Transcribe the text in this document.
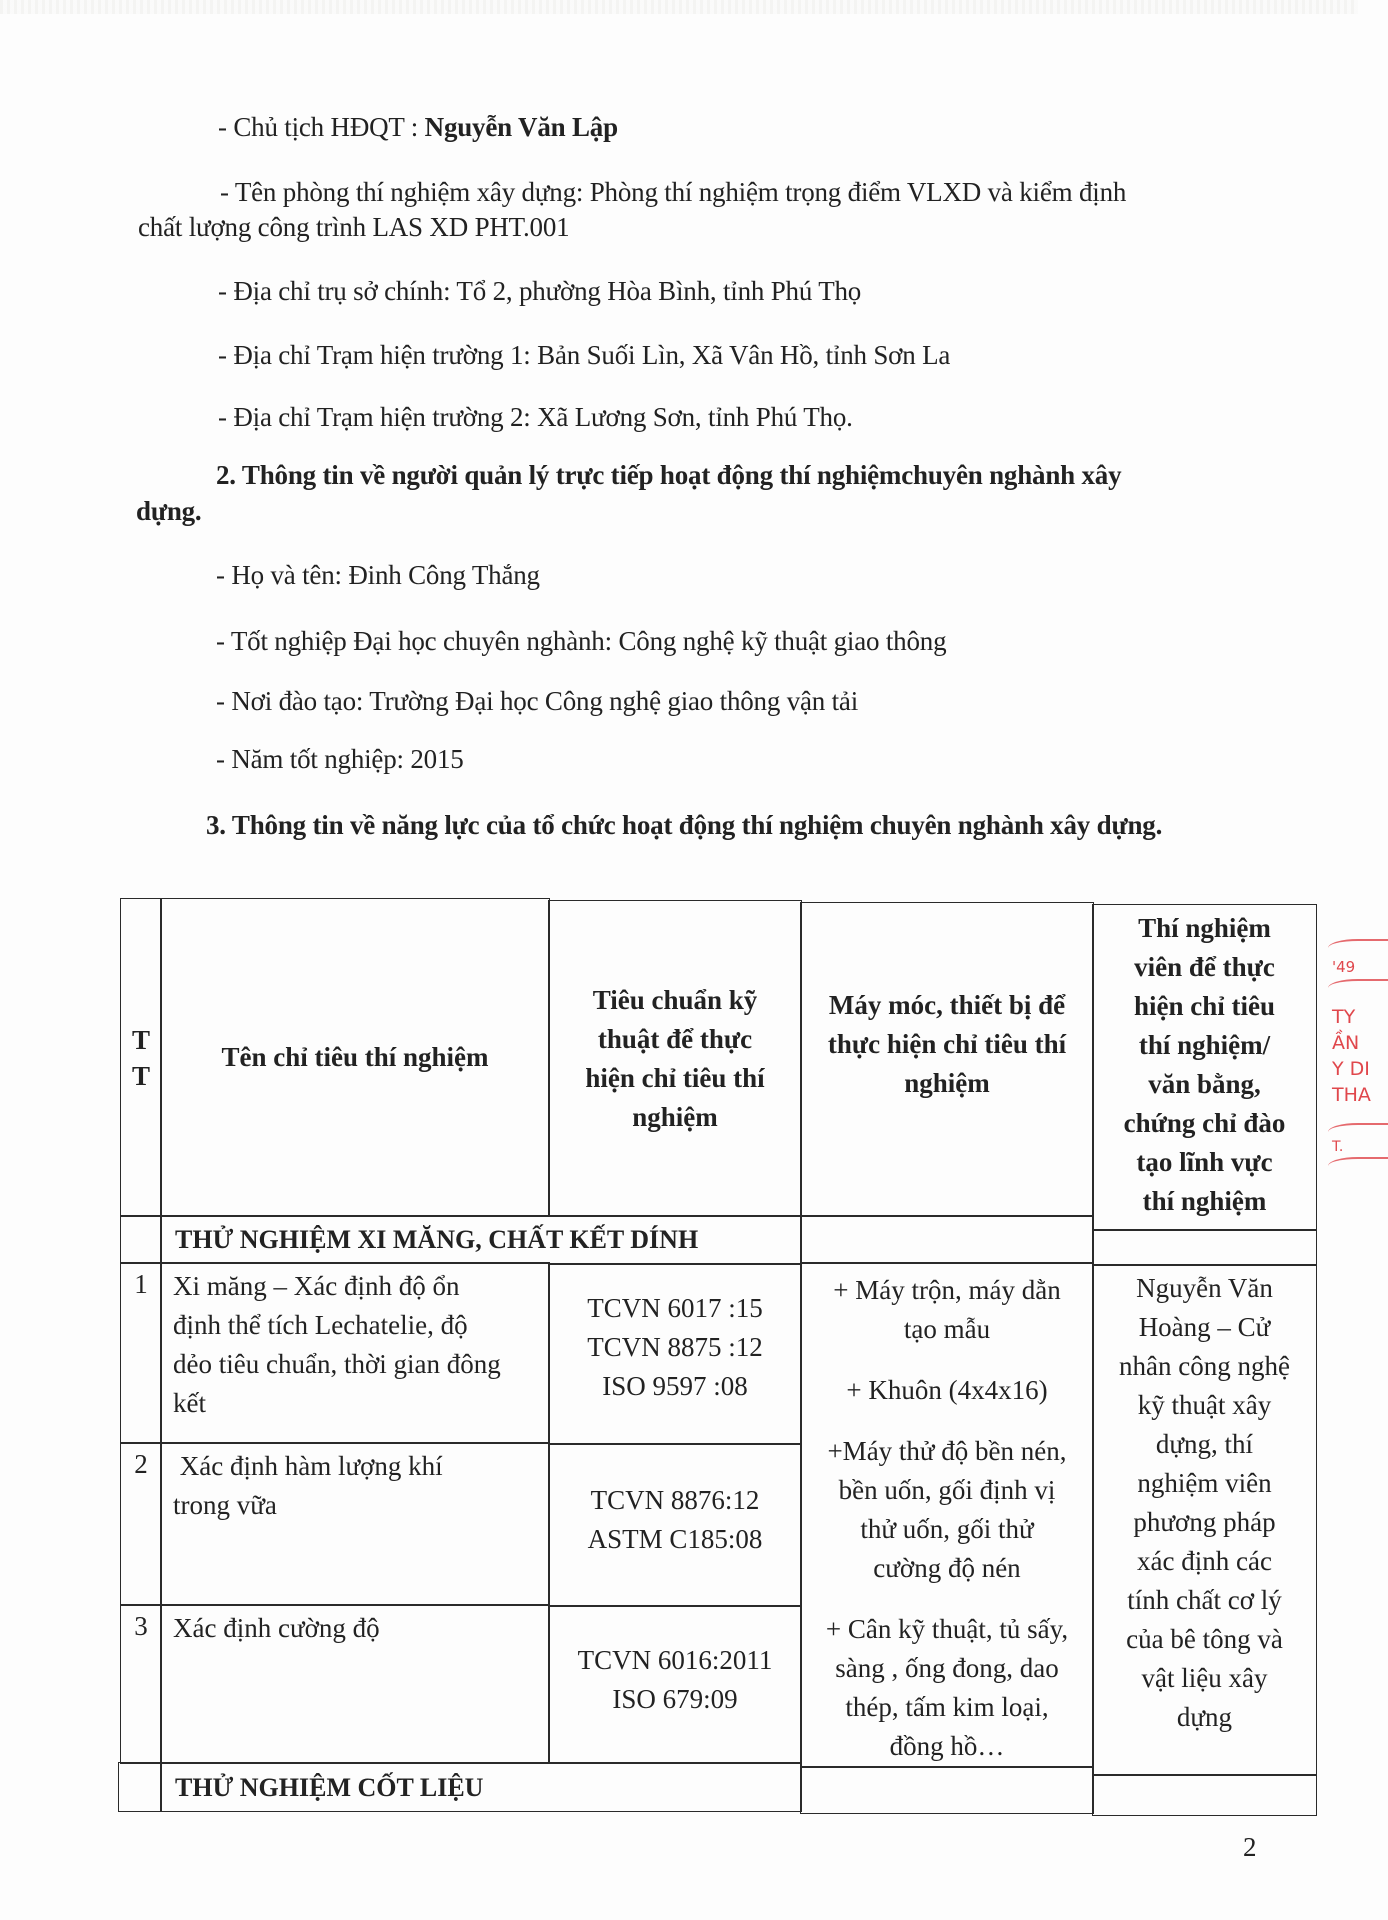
- Chủ tịch HĐQT : Nguyễn Văn Lập
- Tên phòng thí nghiệm xây dựng: Phòng thí nghiệm trọng điểm VLXD và kiểm định
chất lượng công trình LAS XD PHT.001
- Địa chỉ trụ sở chính: Tổ 2, phường Hòa Bình, tỉnh Phú Thọ
- Địa chỉ Trạm hiện trường 1: Bản Suối Lìn, Xã Vân Hồ, tỉnh Sơn La
- Địa chỉ Trạm hiện trường 2: Xã Lương Sơn, tỉnh Phú Thọ.
2. Thông tin về người quản lý trực tiếp hoạt động thí nghiệmchuyên nghành xây
dựng.
- Họ và tên: Đinh Công Thắng
- Tốt nghiệp Đại học chuyên nghành: Công nghệ kỹ thuật giao thông
- Nơi đào tạo: Trường Đại học Công nghệ giao thông vận tải
- Năm tốt nghiệp: 2015
3. Thông tin về năng lực của tổ chức hoạt động thí nghiệm chuyên nghành xây dựng.
T
T
Tên chỉ tiêu thí nghiệm
Tiêu chuẩn kỹ
thuật để thực
hiện chỉ tiêu thí
nghiệm
Máy móc, thiết bị để
thực hiện chỉ tiêu thí
nghiệm
Thí nghiệm
viên để thực
hiện chỉ tiêu
thí nghiệm/
văn bằng,
chứng chỉ đào
tạo lĩnh vực
thí nghiệm
THỬ NGHIỆM XI MĂNG, CHẤT KẾT DÍNH
1 Xi măng – Xác định độ ổn
định thể tích Lechatelie, độ
dẻo tiêu chuẩn, thời gian đông
kết
TCVN 6017 :15
TCVN 8875 :12
ISO 9597 :08
2 Xác định hàm lượng khí
trong vữa	TCVN 8876:12
ASTM C185:08
3 Xác định cường độ
TCVN 6016:2011
ISO 679:09
+ Máy trộn, máy dằn
tạo mẫu
+ Khuôn (4x4x16)
+Máy thử độ bền nén,
bền uốn, gối định vị
thử uốn, gối thử
cường độ nén
+ Cân kỹ thuật, tủ sấy,
sàng , ống đong, dao
thép, tấm kim loại,
đồng hồ…
Nguyễn Văn
Hoàng – Cử
nhân công nghệ
kỹ thuật xây
dựng, thí
nghiệm viên
phương pháp
xác định các
tính chất cơ lý
của bê tông và
vật liệu xây
dựng
THỬ NGHIỆM CỐT LIỆU
'49
TY
ẦN
Y DI
THA
T.
2
